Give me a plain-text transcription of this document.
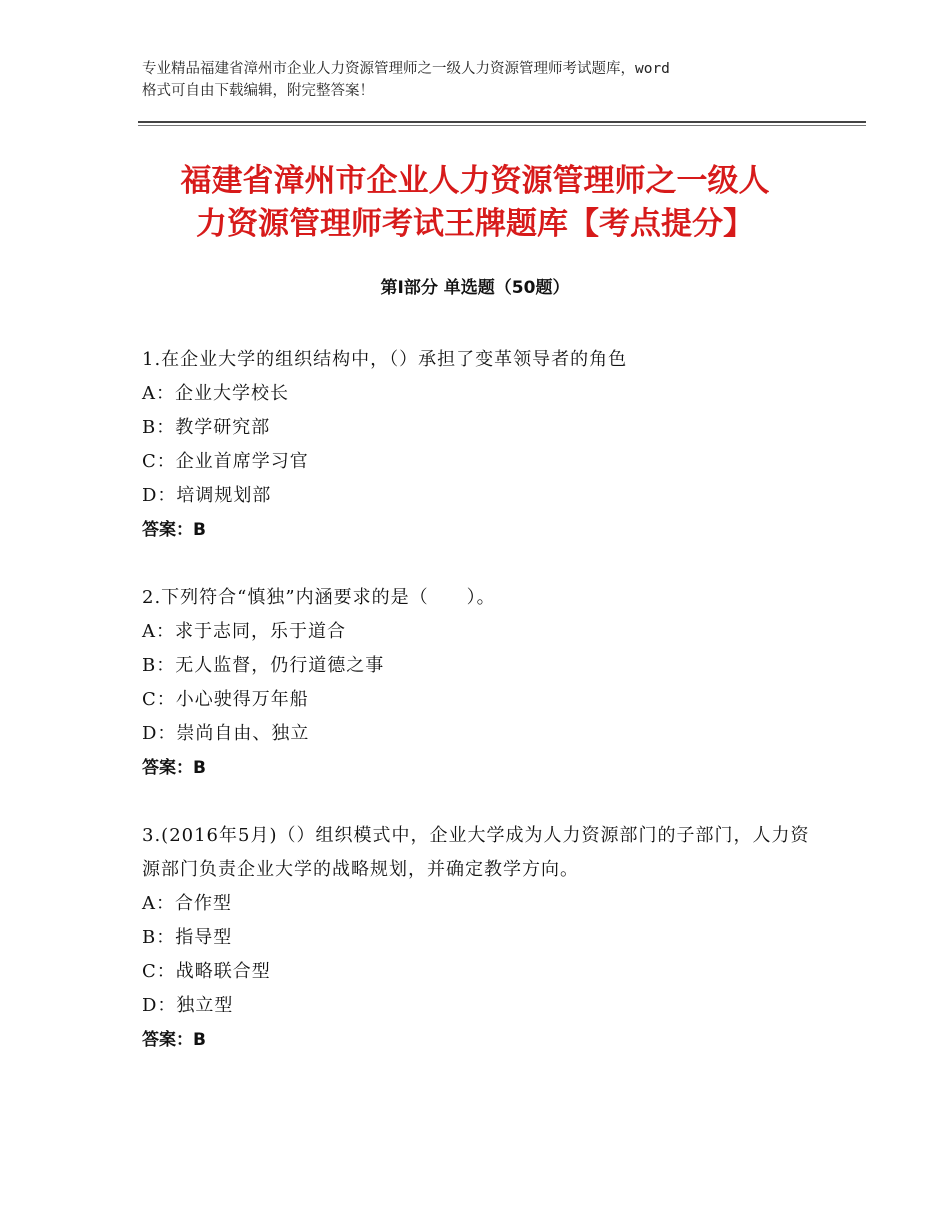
专业精品福建省漳州市企业人力资源管理师之一级人力资源管理师考试题库，word
格式可自由下载编辑，附完整答案！
福建省漳州市企业人力资源管理师之一级人
力资源管理师考试王牌题库【考点提分】
第Ⅰ部分 单选题（50题）
1.在企业大学的组织结构中，（）承担了变革领导者的角色
A：企业大学校长
B：教学研究部
C：企业首席学习官
D：培调规划部
答案：B
2.下列符合“慎独”内涵要求的是（　　）。
A：求于志同，乐于道合
B：无人监督，仍行道德之事
C：小心驶得万年船
D：崇尚自由、独立
答案：B
3.(2016年5月)（）组织模式中，企业大学成为人力资源部门的子部门，人力资源部门负责企业大学的战略规划，并确定教学方向。
A：合作型
B：指导型
C：战略联合型
D：独立型
答案：B
